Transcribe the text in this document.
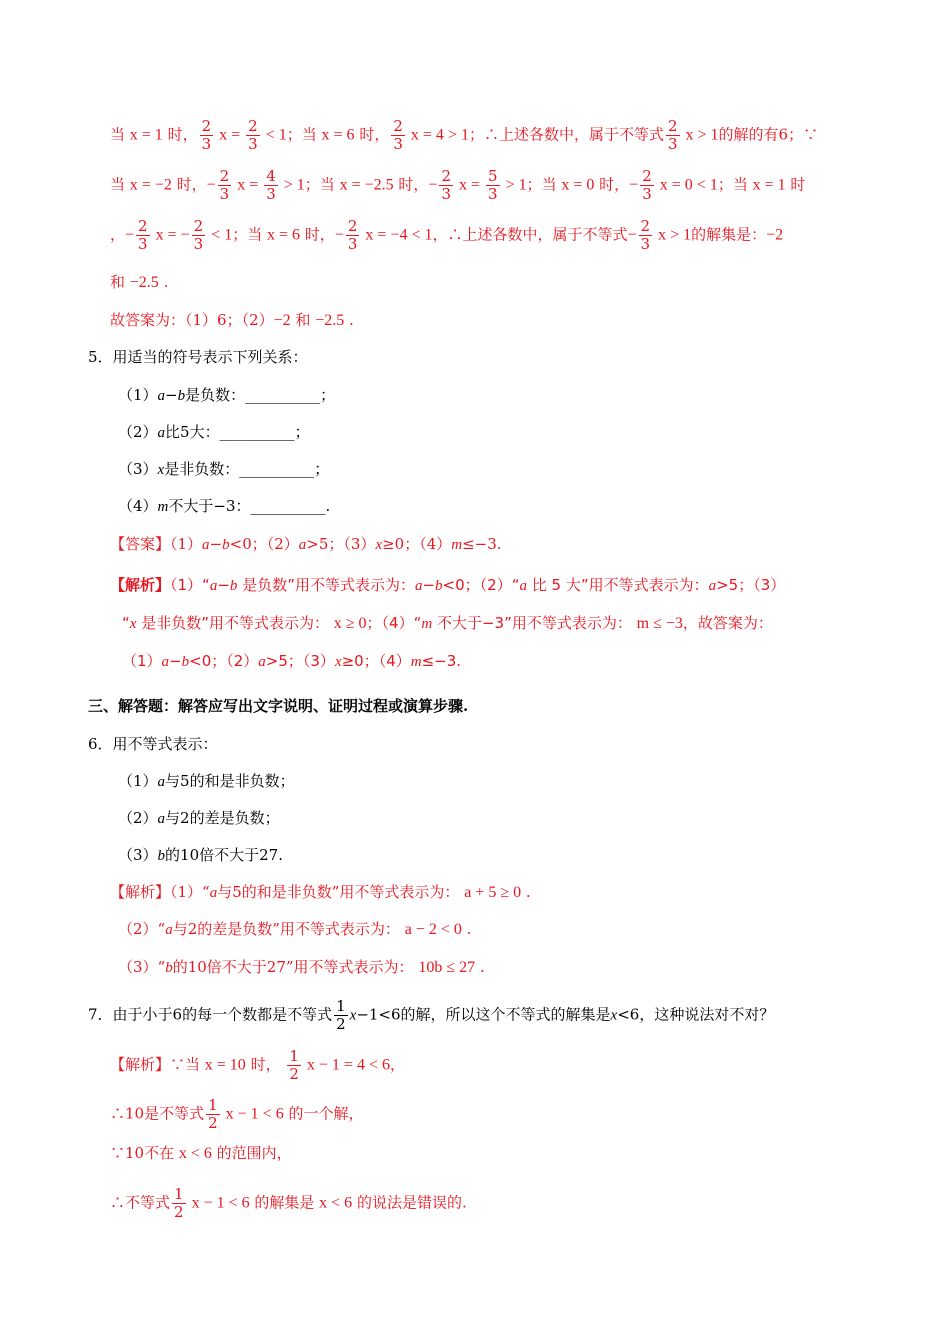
当 x = 1 时， $\frac{2}{3}$ $x = \frac{2}{3} < 1$；当 x = 6 时， $\frac{2}{3}$ x = 4 > 1；∴上述各数中，属于不等式 $\frac{2}{3}$ x > 1的解的有6；∵
当 x = −2 时，− $\frac{2}{3}$ $x = \frac{4}{3} > 1$；当 x = −2.5 时，− $\frac{2}{3}$ $x = \frac{5}{3} > 1$；当 x = 0 时，− $\frac{2}{3}$ x = 0 < 1；当 x = 1 时
，− $\frac{2}{3}$ x = − $\frac{2}{3} < 1$；当 x = 6 时，− $\frac{2}{3}$ x = −4 < 1，∴上述各数中，属于不等式− $\frac{2}{3}$ x > 1的解集是：−2
和 −2.5 .
故答案为：（1）6；（2）−2 和 −2.5 .
5．用适当的符号表示下列关系：
（1）a−b是负数：__________；
（2）a比5大：__________；
（3）x是非负数：__________；
（4）m不大于−3：__________.
【答案】（1）a−b<0；（2）a>5；（3）x≥0；（4）m≤−3.
【解析】（1）“a−b 是负数”用不等式表示为：a−b<0；（2）“a 比 5 大”用不等式表示为：a>5；（3）
“x 是非负数”用不等式表示为： x ≥ 0；（4）“m 不大于−3”用不等式表示为： m ≤ −3，故答案为：
（1）a−b<0；（2）a>5；（3）x≥0；（4）m≤−3.
三、解答题：解答应写出文字说明、证明过程或演算步骤.
6．用不等式表示：
（1）a与5的和是非负数；
（2）a与2的差是负数；
（3）b的10倍不大于27.
【解析】（1）“a与5的和是非负数”用不等式表示为： a + 5 ≥ 0 .
（2）“a与2的差是负数”用不等式表示为： a − 2 < 0 .
（3）“b的10倍不大于27”用不等式表示为： 10b ≤ 27 .
7．由于小于6的每一个数都是不等式 $\frac{1}{2} x-1<6$的解，所以这个不等式的解集是x<6，这种说法对不对？
【解析】∵当 x = 10 时， $\frac{1}{2}$ x − 1 = 4 < 6，
∴10是不等式 $\frac{1}{2}$ x − 1 < 6 的一个解，
∵10不在 x < 6 的范围内，
∴不等式 $\frac{1}{2}$ x − 1 < 6 的解集是 x < 6 的说法是错误的.
